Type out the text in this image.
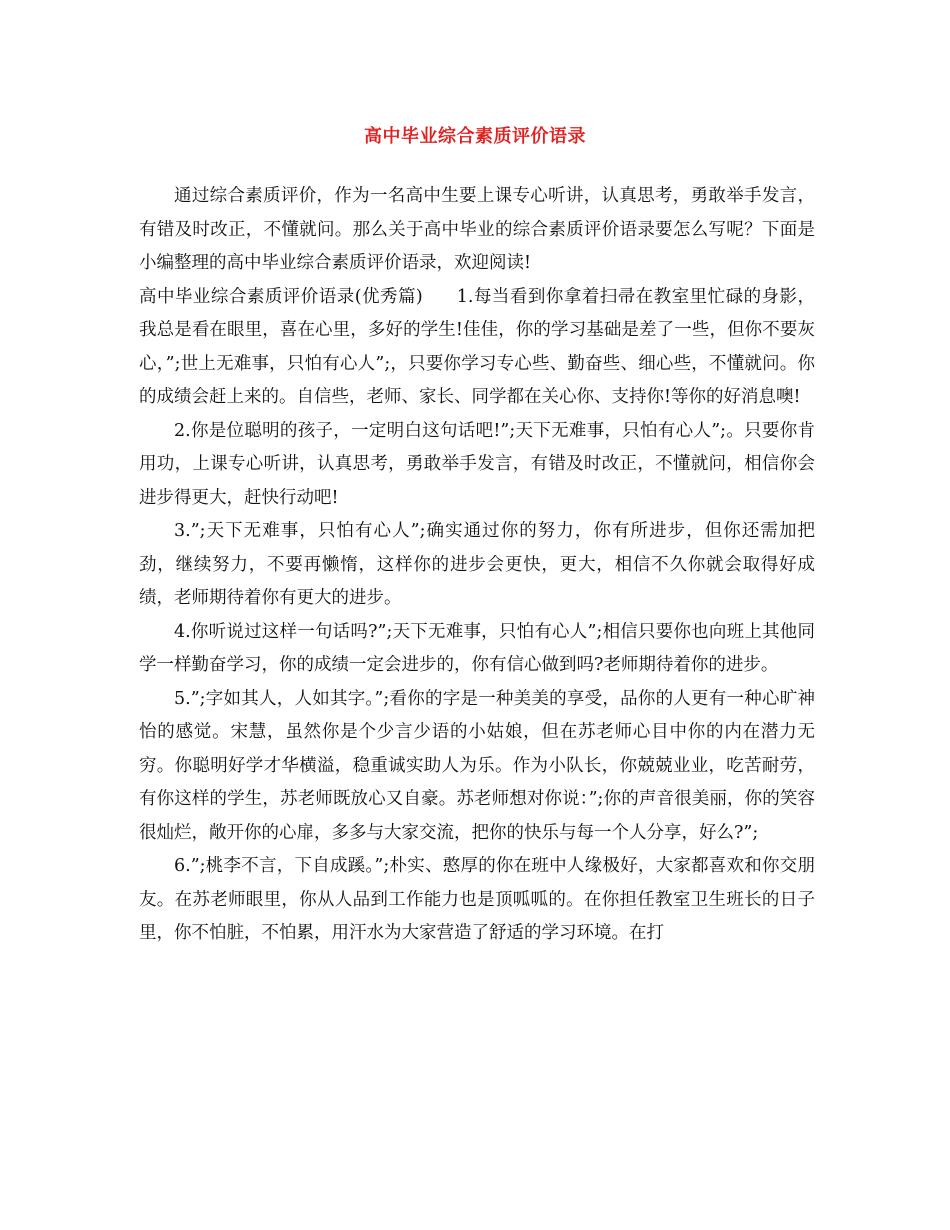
高中毕业综合素质评价语录

通过综合素质评价，作为一名高中生要上课专心听讲，认真思考，勇敢举手发言，有错及时改正，不懂就问。那么关于高中毕业的综合素质评价语录要怎么写呢？下面是小编整理的高中毕业综合素质评价语录，欢迎阅读!

高中毕业综合素质评价语录(优秀篇) 1.每当看到你拿着扫帚在教室里忙碌的身影，我总是看在眼里，喜在心里，多好的学生!佳佳，你的学习基础是差了一些，但你不要灰心，”;世上无难事，只怕有心人”;，只要你学习专心些、勤奋些、细心些，不懂就问。你的成绩会赶上来的。自信些，老师、家长、同学都在关心你、支持你!等你的好消息噢!

2.你是位聪明的孩子，一定明白这句话吧!”;天下无难事，只怕有心人”;。只要你肯用功，上课专心听讲，认真思考，勇敢举手发言，有错及时改正，不懂就问，相信你会进步得更大，赶快行动吧!

3.”;天下无难事，只怕有心人”;确实通过你的努力，你有所进步，但你还需加把劲，继续努力，不要再懒惰，这样你的进步会更快，更大，相信不久你就会取得好成绩，老师期待着你有更大的进步。

4.你听说过这样一句话吗?”;天下无难事，只怕有心人”;相信只要你也向班上其他同学一样勤奋学习，你的成绩一定会进步的，你有信心做到吗?老师期待着你的进步。

5.”;字如其人，人如其字。”;看你的字是一种美美的享受，品你的人更有一种心旷神怡的感觉。宋慧，虽然你是个少言少语的小姑娘，但在苏老师心目中你的内在潜力无穷。你聪明好学才华横溢，稳重诚实助人为乐。作为小队长，你兢兢业业，吃苦耐劳，有你这样的学生，苏老师既放心又自豪。苏老师想对你说：”;你的声音很美丽，你的笑容很灿烂，敞开你的心扉，多多与大家交流，把你的快乐与每一个人分享，好么?”;

6.”;桃李不言，下自成蹊。”;朴实、憨厚的你在班中人缘极好，大家都喜欢和你交朋友。在苏老师眼里，你从人品到工作能力也是顶呱呱的。在你担任教室卫生班长的日子里，你不怕脏，不怕累，用汗水为大家营造了舒适的学习环境。在打
